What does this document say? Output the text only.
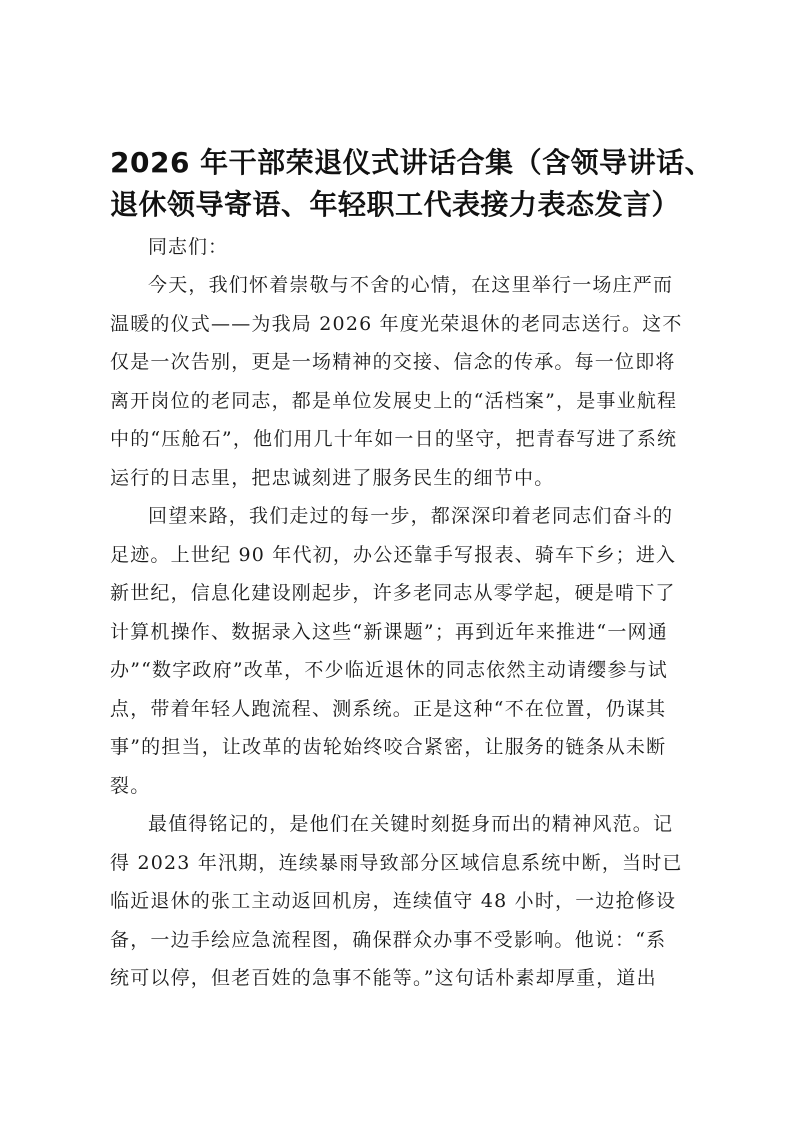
2026 年干部荣退仪式讲话合集（含领导讲话、
退休领导寄语、年轻职工代表接力表态发言）

同志们：

今天，我们怀着崇敬与不舍的心情，在这里举行一场庄严而
温暖的仪式——为我局 2026 年度光荣退休的老同志送行。这不
仅是一次告别，更是一场精神的交接、信念的传承。每一位即将
离开岗位的老同志，都是单位发展史上的“活档案”，是事业航程
中的“压舱石”，他们用几十年如一日的坚守，把青春写进了系统
运行的日志里，把忠诚刻进了服务民生的细节中。

回望来路，我们走过的每一步，都深深印着老同志们奋斗的
足迹。上世纪 90 年代初，办公还靠手写报表、骑车下乡；进入
新世纪，信息化建设刚起步，许多老同志从零学起，硬是啃下了
计算机操作、数据录入这些“新课题”；再到近年来推进“一网通
办”“数字政府”改革，不少临近退休的同志依然主动请缨参与试
点，带着年轻人跑流程、测系统。正是这种“不在位置，仍谋其
事”的担当，让改革的齿轮始终咬合紧密，让服务的链条从未断
裂。

最值得铭记的，是他们在关键时刻挺身而出的精神风范。记
得 2023 年汛期，连续暴雨导致部分区域信息系统中断，当时已
临近退休的张工主动返回机房，连续值守 48 小时，一边抢修设
备，一边手绘应急流程图，确保群众办事不受影响。他说：“系
统可以停，但老百姓的急事不能等。”这句话朴素却厚重，道出
